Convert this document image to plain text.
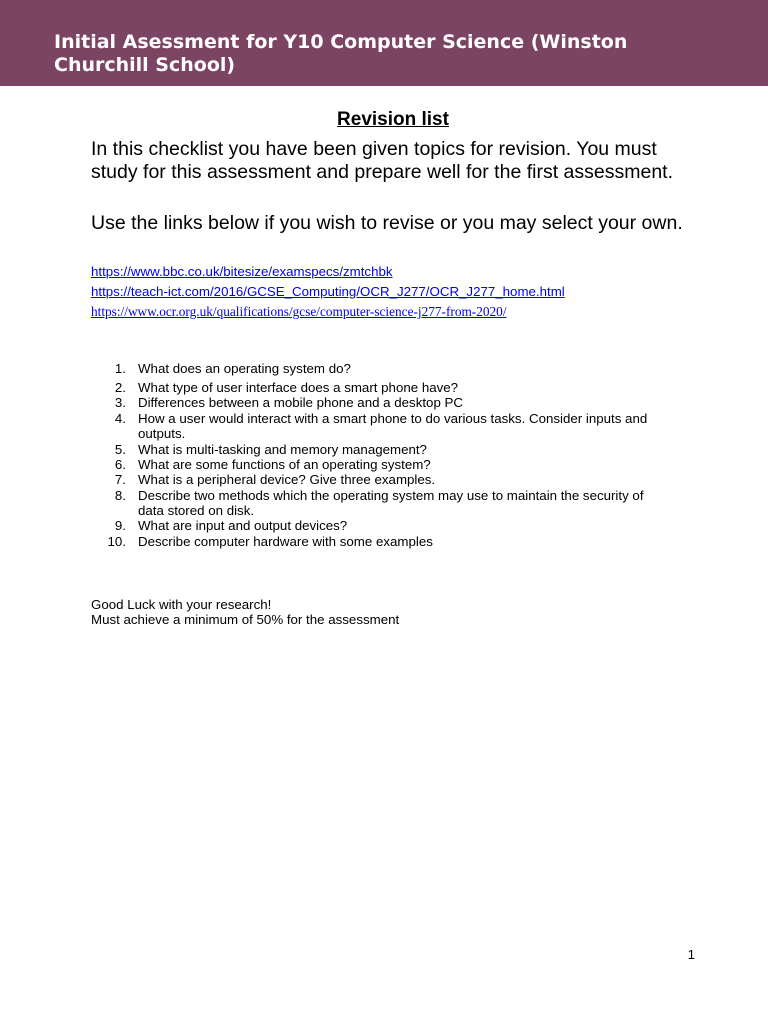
Initial Asessment for Y10 Computer Science (Winston Churchill School)
Revision list

In this checklist you have been given topics for revision. You must study for this assessment and prepare well for the first assessment.

Use the links below if you wish to revise or you may select your own.

https://www.bbc.co.uk/bitesize/examspecs/zmtchbk
https://teach-ict.com/2016/GCSE_Computing/OCR_J277/OCR_J277_home.html
https://www.ocr.org.uk/qualifications/gcse/computer-science-j277-from-2020/
1. What does an operating system do?
2. What type of user interface does a smart phone have?
3. Differences between a mobile phone and a desktop PC
4. How a user would interact with a smart phone to do various tasks. Consider inputs and outputs.
5. What is multi-tasking and memory management?
6. What are some functions of an operating system?
7. What is a peripheral device? Give three examples.
8. Describe two methods which the operating system may use to maintain the security of data stored on disk.
9. What are input and output devices?
10. Describe computer hardware with some examples
Good Luck with your research!
Must achieve a minimum of 50% for the assessment
1
